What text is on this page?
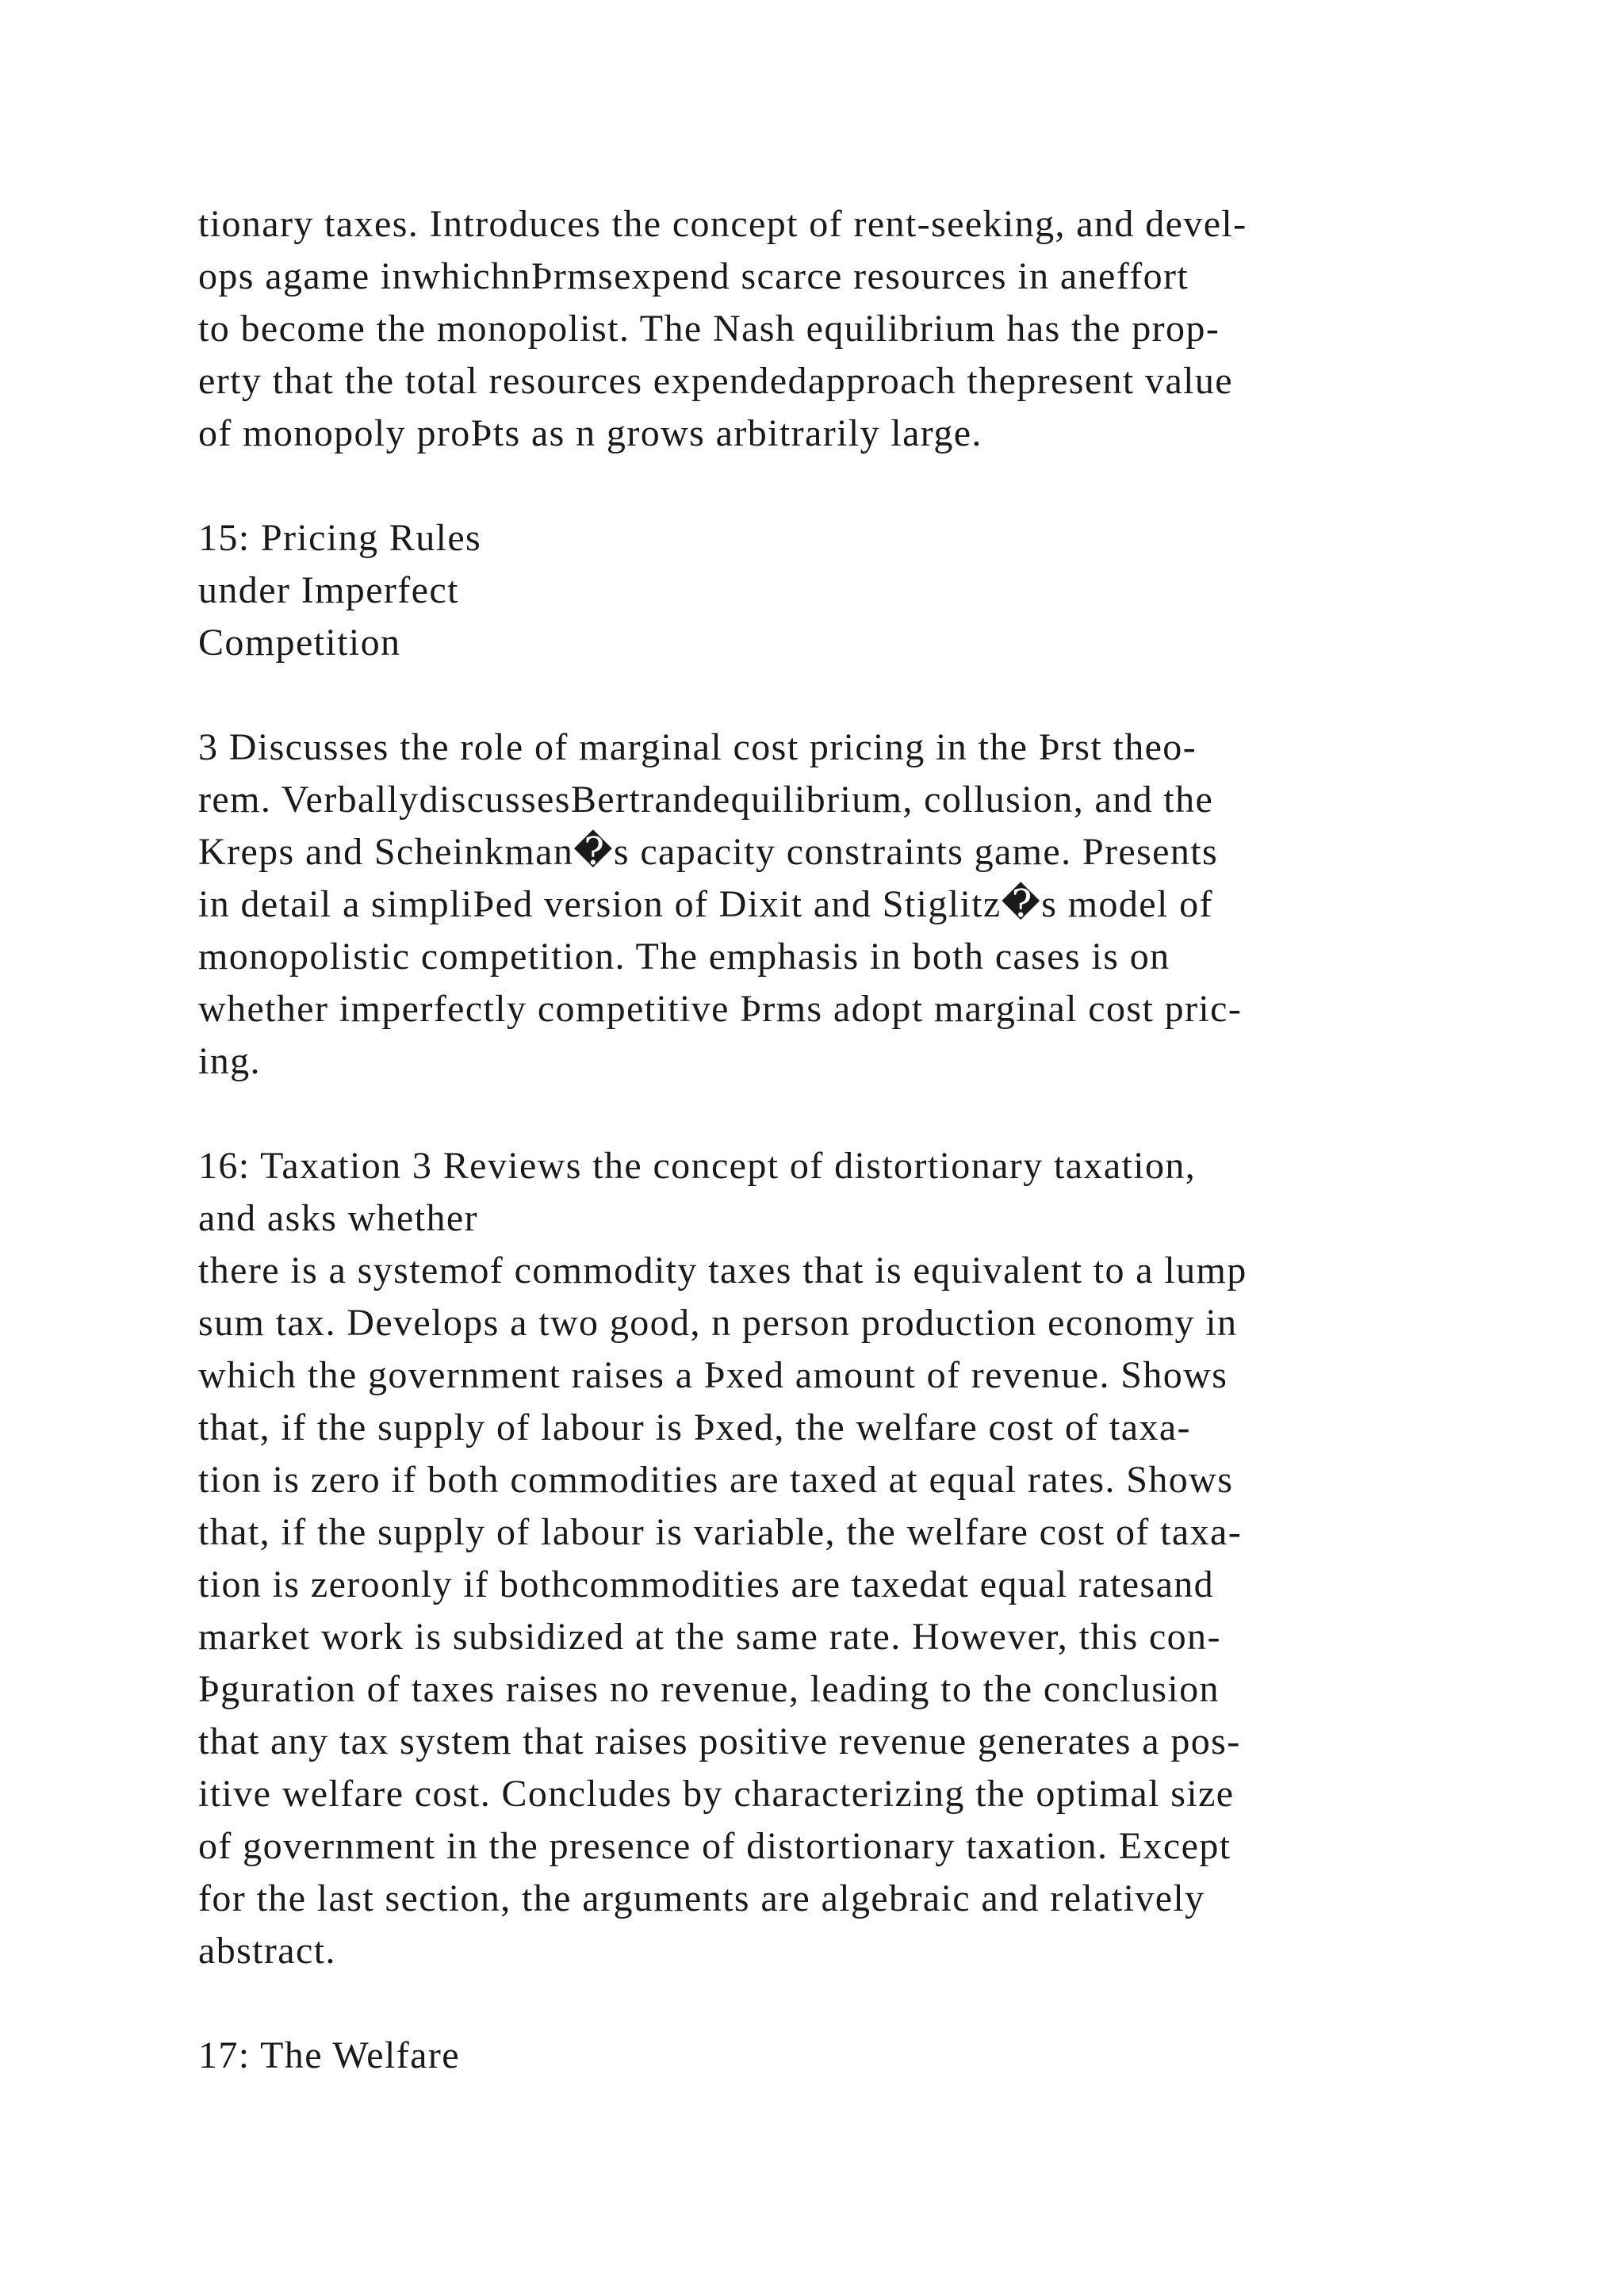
tionary taxes. Introduces the concept of rent-seeking, and devel-
ops agame inwhichnÞrmsexpend scarce resources in aneffort
to become the monopolist. The Nash equilibrium has the prop-
erty that the total resources expendedapproach thepresent value
of monopoly proÞts as n grows arbitrarily large.
15: Pricing Rules
under Imperfect
Competition
3 Discusses the role of marginal cost pricing in the Þrst theo-
rem. VerballydiscussesBertrandequilibrium, collusion, and the
Kreps and Scheinkman�s capacity constraints game. Presents
in detail a simpliÞed version of Dixit and Stiglitz�s model of
monopolistic competition. The emphasis in both cases is on
whether imperfectly competitive Þrms adopt marginal cost pric-
ing.
16: Taxation 3 Reviews the concept of distortionary taxation,
and asks whether
there is a systemof commodity taxes that is equivalent to a lump
sum tax. Develops a two good, n person production economy in
which the government raises a Þxed amount of revenue. Shows
that, if the supply of labour is Þxed, the welfare cost of taxa-
tion is zero if both commodities are taxed at equal rates. Shows
that, if the supply of labour is variable, the welfare cost of taxa-
tion is zeroonly if bothcommodities are taxedat equal ratesand
market work is subsidized at the same rate. However, this con-
Þguration of taxes raises no revenue, leading to the conclusion
that any tax system that raises positive revenue generates a pos-
itive welfare cost. Concludes by characterizing the optimal size
of government in the presence of distortionary taxation. Except
for the last section, the arguments are algebraic and relatively
abstract.
17: The Welfare
